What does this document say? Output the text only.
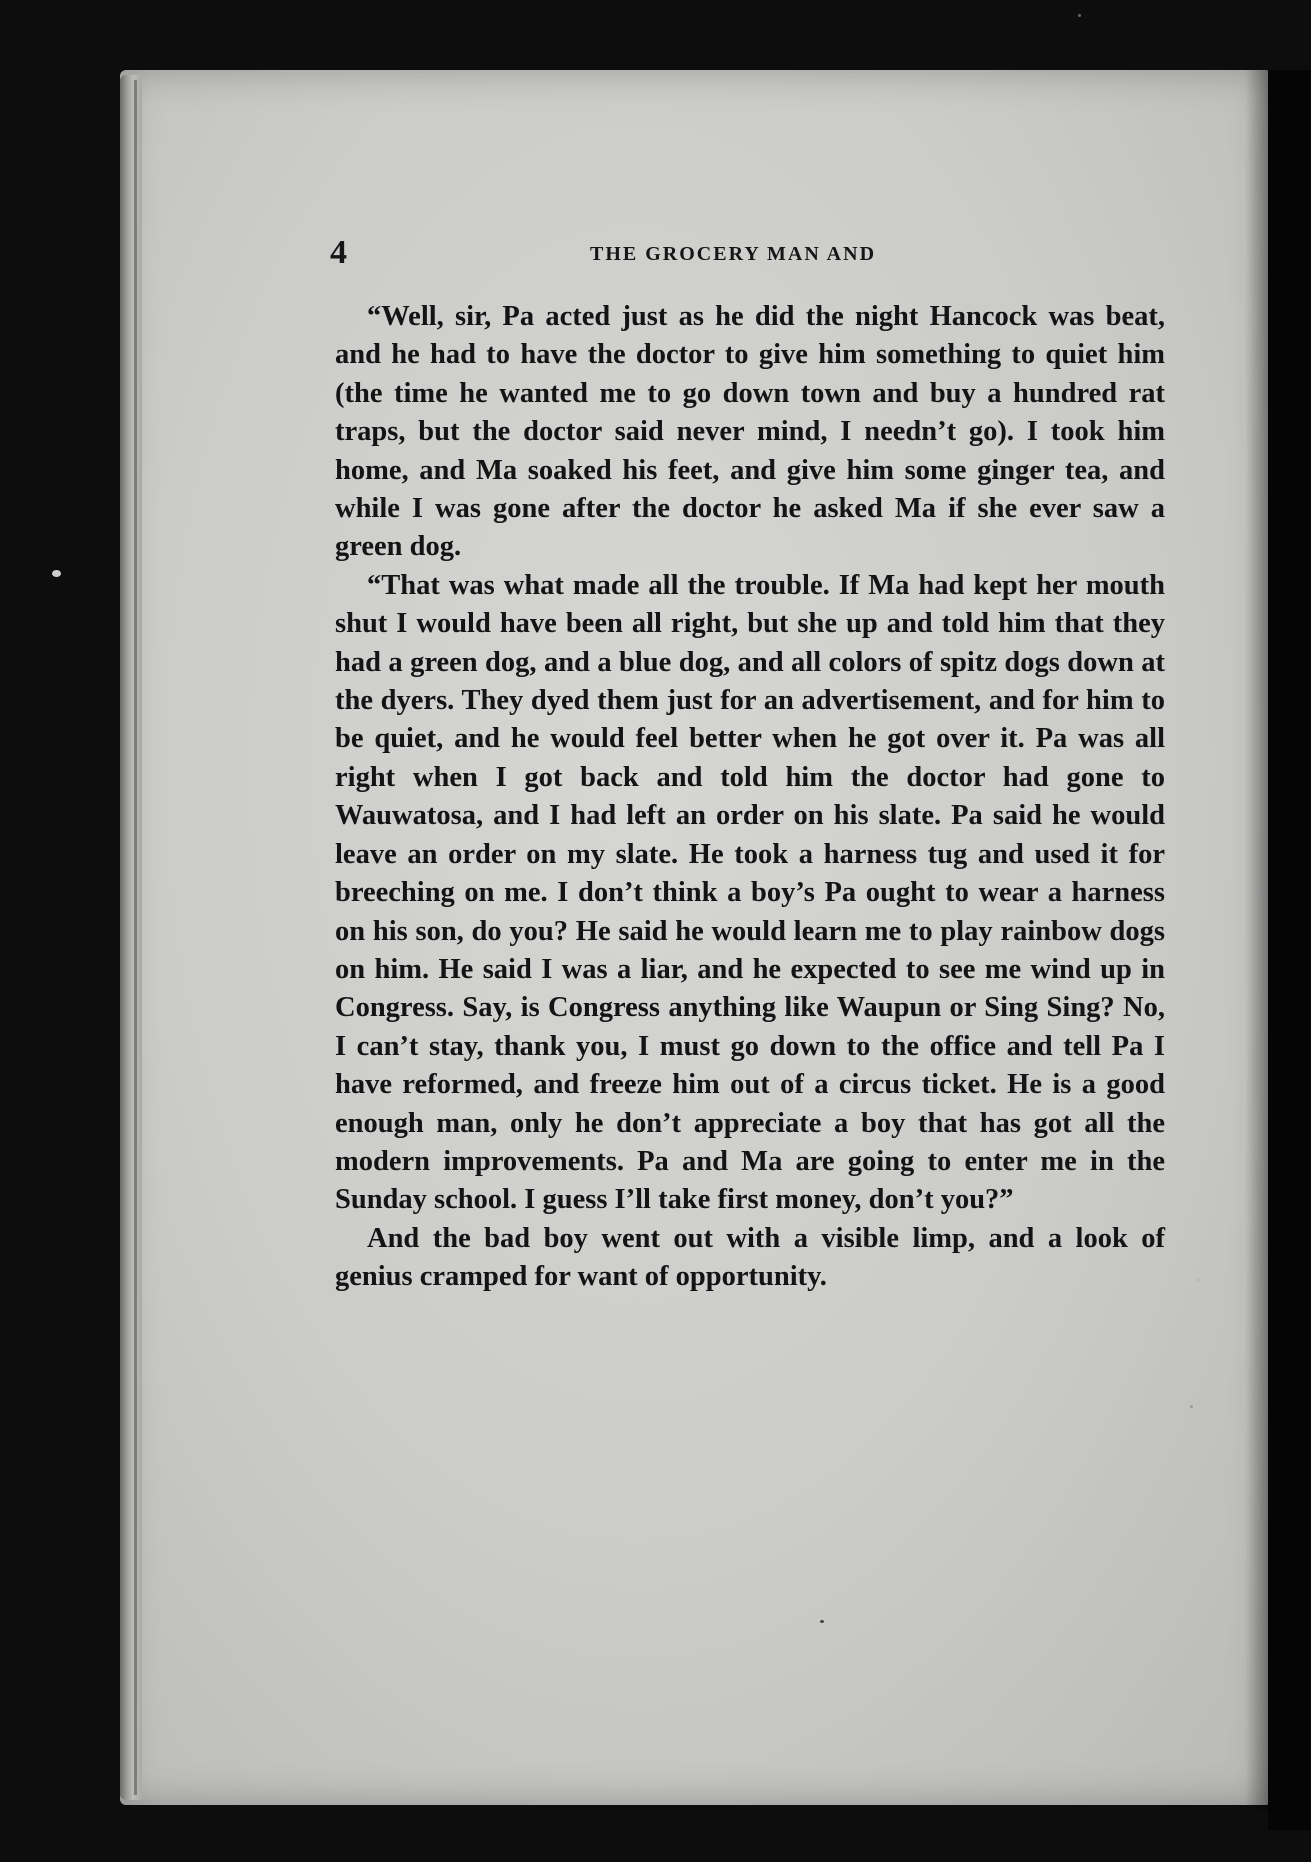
4	THE GROCERY MAN AND

“Well, sir, Pa acted just as he did the night Hancock was beat, and he had to have the doctor to give him something to quiet him (the time he wanted me to go down town and buy a hundred rat traps, but the doctor said never mind, I needn’t go). I took him home, and Ma soaked his feet, and give him some ginger tea, and while I was gone after the doctor he asked Ma if she ever saw a green dog.

“That was what made all the trouble. If Ma had kept her mouth shut I would have been all right, but she up and told him that they had a green dog, and a blue dog, and all colors of spitz dogs down at the dyers. They dyed them just for an advertisement, and for him to be quiet, and he would feel better when he got over it. Pa was all right when I got back and told him the doctor had gone to Wauwatosa, and I had left an order on his slate. Pa said he would leave an order on my slate. He took a harness tug and used it for breeching on me. I don’t think a boy’s Pa ought to wear a harness on his son, do you? He said he would learn me to play rainbow dogs on him. He said I was a liar, and he expected to see me wind up in Congress. Say, is Congress anything like Waupun or Sing Sing? No, I can’t stay, thank you, I must go down to the office and tell Pa I have reformed, and freeze him out of a circus ticket. He is a good enough man, only he don’t appreciate a boy that has got all the modern improvements. Pa and Ma are going to enter me in the Sunday school. I guess I’ll take first money, don’t you?”

And the bad boy went out with a visible limp, and a look of genius cramped for want of opportunity.
